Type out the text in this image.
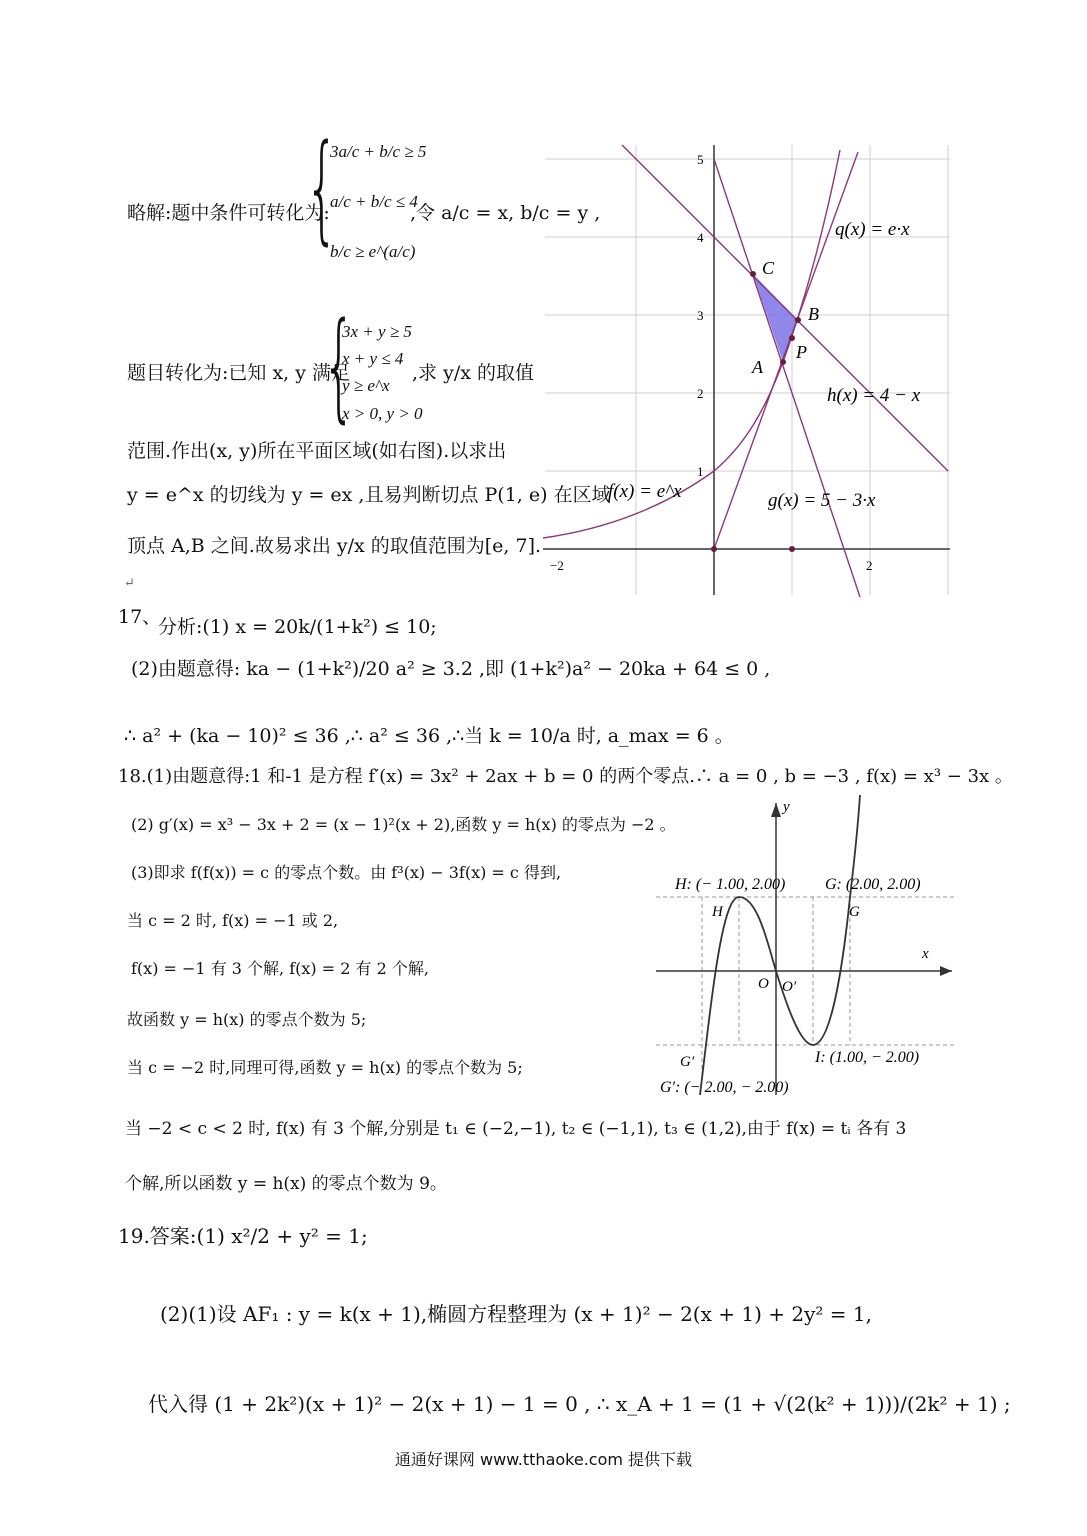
略解:题中条件可转化为:
{
3a/c + b/c ≥ 5
a/c + b/c ≤ 4
b/c ≥ e^(a/c)
,令 a/c = x, b/c = y ,
题目转化为:已知 x, y 满足
{
3x + y ≥ 5
x + y ≤ 4
y ≥ e^x
x > 0, y > 0
,求 y/x 的取值
范围.作出(x, y)所在平面区域(如右图).以求出
y = e^x 的切线为 y = ex ,且易判断切点 P(1, e) 在区域
顶点 A,B 之间.故易求出 y/x 的取值范围为[e, 7].
↵
5
4
3
2
1
−2	2
q(x) = e·x
h(x) = 4 − x
g(x) = 5 − 3·x
f(x) = e^x
C
B
P
A
17、
分析:(1) x = 20k/(1+k²) ≤ 10;
(2)由题意得: ka − (1+k²)/20 a² ≥ 3.2 ,即 (1+k²)a² − 20ka + 64 ≤ 0 ,
∴ a² + (ka − 10)² ≤ 36 ,∴ a² ≤ 36 ,∴当 k = 10/a 时, a_max = 6 。
18.(1)由题意得:1 和-1 是方程 f′(x) = 3x² + 2ax + b = 0 的两个零点.∴ a = 0 , b = −3 , f(x) = x³ − 3x 。
(2) g′(x) = x³ − 3x + 2 = (x − 1)²(x + 2),函数 y = h(x) 的零点为 −2 。
(3)即求 f(f(x)) = c 的零点个数。由 f³(x) − 3f(x) = c 得到,
当 c = 2 时, f(x) = −1 或 2,
f(x) = −1 有 3 个解, f(x) = 2 有 2 个解,
故函数 y = h(x) 的零点个数为 5;
当 c = −2 时,同理可得,函数 y = h(x) 的零点个数为 5;
当 −2 < c < 2 时, f(x) 有 3 个解,分别是 t₁ ∈ (−2,−1), t₂ ∈ (−1,1), t₃ ∈ (1,2),由于 f(x) = tᵢ 各有 3
个解,所以函数 y = h(x) 的零点个数为 9。
x
y
H: (− 1.00, 2.00) G: (2.00, 2.00)
H	G
O O′
I: (1.00, − 2.00)
G′
G′: (− 2.00, − 2.00)
19.答案:(1) x²/2 + y² = 1;
(2)(1)设 AF₁ : y = k(x + 1),椭圆方程整理为 (x + 1)² − 2(x + 1) + 2y² = 1,
代入得 (1 + 2k²)(x + 1)² − 2(x + 1) − 1 = 0 , ∴ x_A + 1 = (1 + √(2(k² + 1)))/(2k² + 1) ;
通通好课网 www.tthaoke.com 提供下载
